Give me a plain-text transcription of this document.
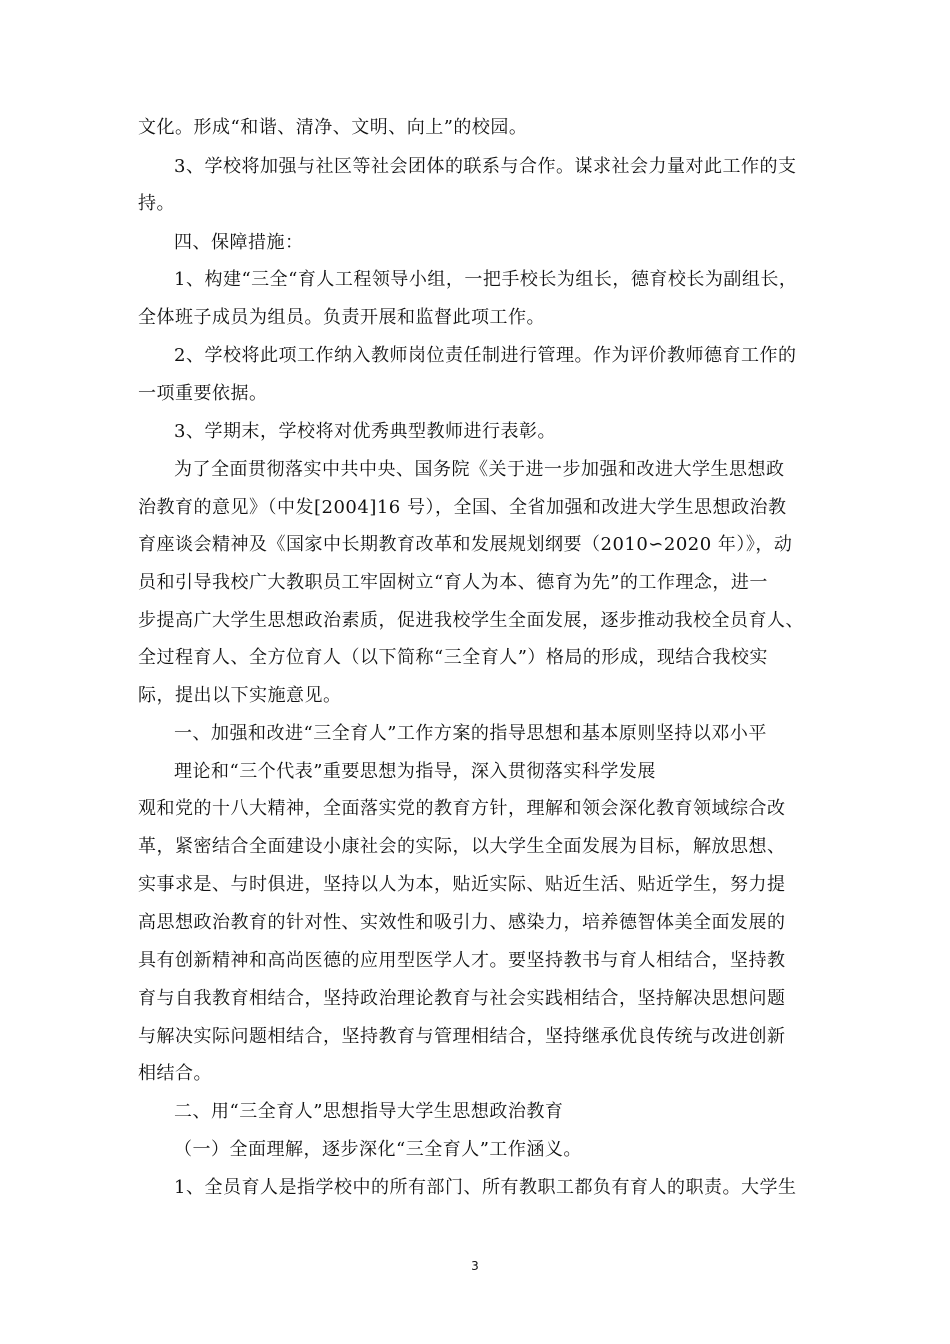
文化。形成“和谐、清净、文明、向上”的校园。
3、学校将加强与社区等社会团体的联系与合作。谋求社会力量对此工作的支
持。
四、保障措施：
1、构建“三全“育人工程领导小组，一把手校长为组长，德育校长为副组长，
全体班子成员为组员。负责开展和监督此项工作。
2、学校将此项工作纳入教师岗位责任制进行管理。作为评价教师德育工作的
一项重要依据。
3、学期末，学校将对优秀典型教师进行表彰。
为了全面贯彻落实中共中央、国务院《关于进一步加强和改进大学生思想政
治教育的意见》（中发[2004]16 号），全国、全省加强和改进大学生思想政治教
育座谈会精神及《国家中长期教育改革和发展规划纲要（2010∽2020 年）》，动
员和引导我校广大教职员工牢固树立“育人为本、德育为先”的工作理念，进一
步提高广大学生思想政治素质，促进我校学生全面发展，逐步推动我校全员育人、
全过程育人、全方位育人（以下简称“三全育人”）格局的形成，现结合我校实
际，提出以下实施意见。
一、加强和改进“三全育人”工作方案的指导思想和基本原则坚持以邓小平
理论和“三个代表”重要思想为指导，深入贯彻落实科学发展
观和党的十八大精神，全面落实党的教育方针，理解和领会深化教育领域综合改
革，紧密结合全面建设小康社会的实际，以大学生全面发展为目标，解放思想、
实事求是、与时俱进，坚持以人为本，贴近实际、贴近生活、贴近学生，努力提
高思想政治教育的针对性、实效性和吸引力、感染力，培养德智体美全面发展的
具有创新精神和高尚医德的应用型医学人才。要坚持教书与育人相结合，坚持教
育与自我教育相结合，坚持政治理论教育与社会实践相结合，坚持解决思想问题
与解决实际问题相结合，坚持教育与管理相结合，坚持继承优良传统与改进创新
相结合。
二、用“三全育人”思想指导大学生思想政治教育
（一）全面理解，逐步深化“三全育人”工作涵义。
1、全员育人是指学校中的所有部门、所有教职工都负有育人的职责。大学生
3
